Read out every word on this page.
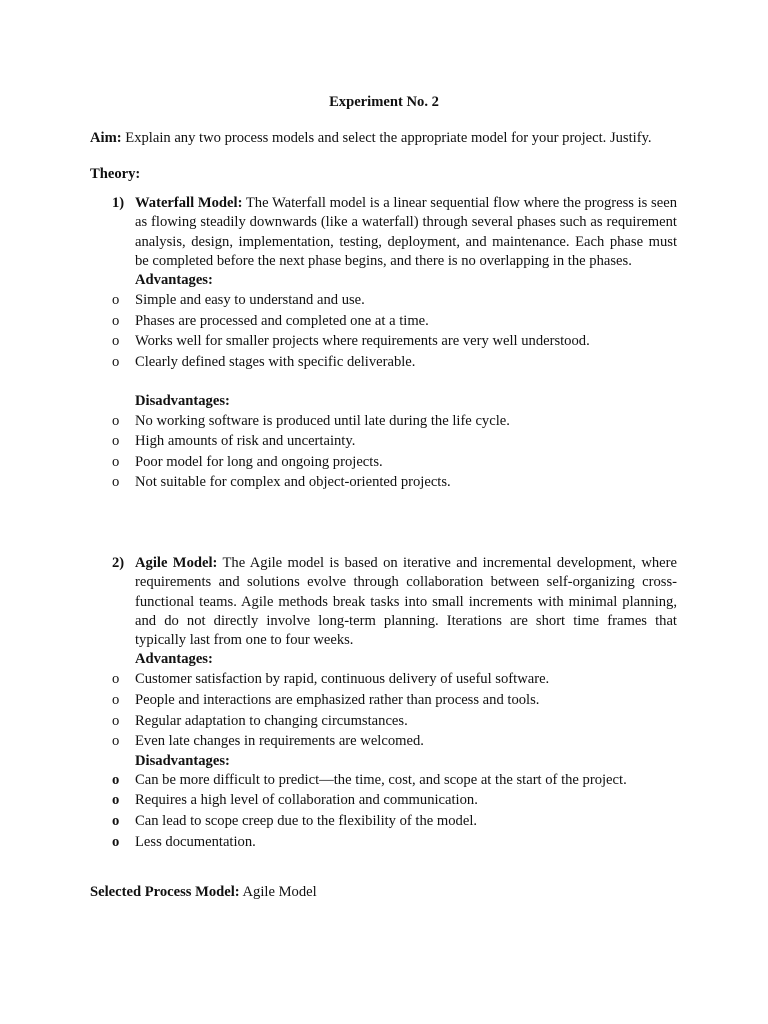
Experiment No. 2
Aim: Explain any two process models and select the appropriate model for your project. Justify.
Theory:
1) Waterfall Model: The Waterfall model is a linear sequential flow where the progress is seen as flowing steadily downwards (like a waterfall) through several phases such as requirement analysis, design, implementation, testing, deployment, and maintenance. Each phase must be completed before the next phase begins, and there is no overlapping in the phases.
Advantages:
o Simple and easy to understand and use.
o Phases are processed and completed one at a time.
o Works well for smaller projects where requirements are very well understood.
o Clearly defined stages with specific deliverable.
Disadvantages:
o No working software is produced until late during the life cycle.
o High amounts of risk and uncertainty.
o Poor model for long and ongoing projects.
o Not suitable for complex and object-oriented projects.
2) Agile Model: The Agile model is based on iterative and incremental development, where requirements and solutions evolve through collaboration between self-organizing cross-functional teams. Agile methods break tasks into small increments with minimal planning, and do not directly involve long-term planning. Iterations are short time frames that typically last from one to four weeks.
Advantages:
o Customer satisfaction by rapid, continuous delivery of useful software.
o People and interactions are emphasized rather than process and tools.
o Regular adaptation to changing circumstances.
o Even late changes in requirements are welcomed.
Disadvantages:
o Can be more difficult to predict—the time, cost, and scope at the start of the project.
o Requires a high level of collaboration and communication.
o Can lead to scope creep due to the flexibility of the model.
o Less documentation.
Selected Process Model: Agile Model
